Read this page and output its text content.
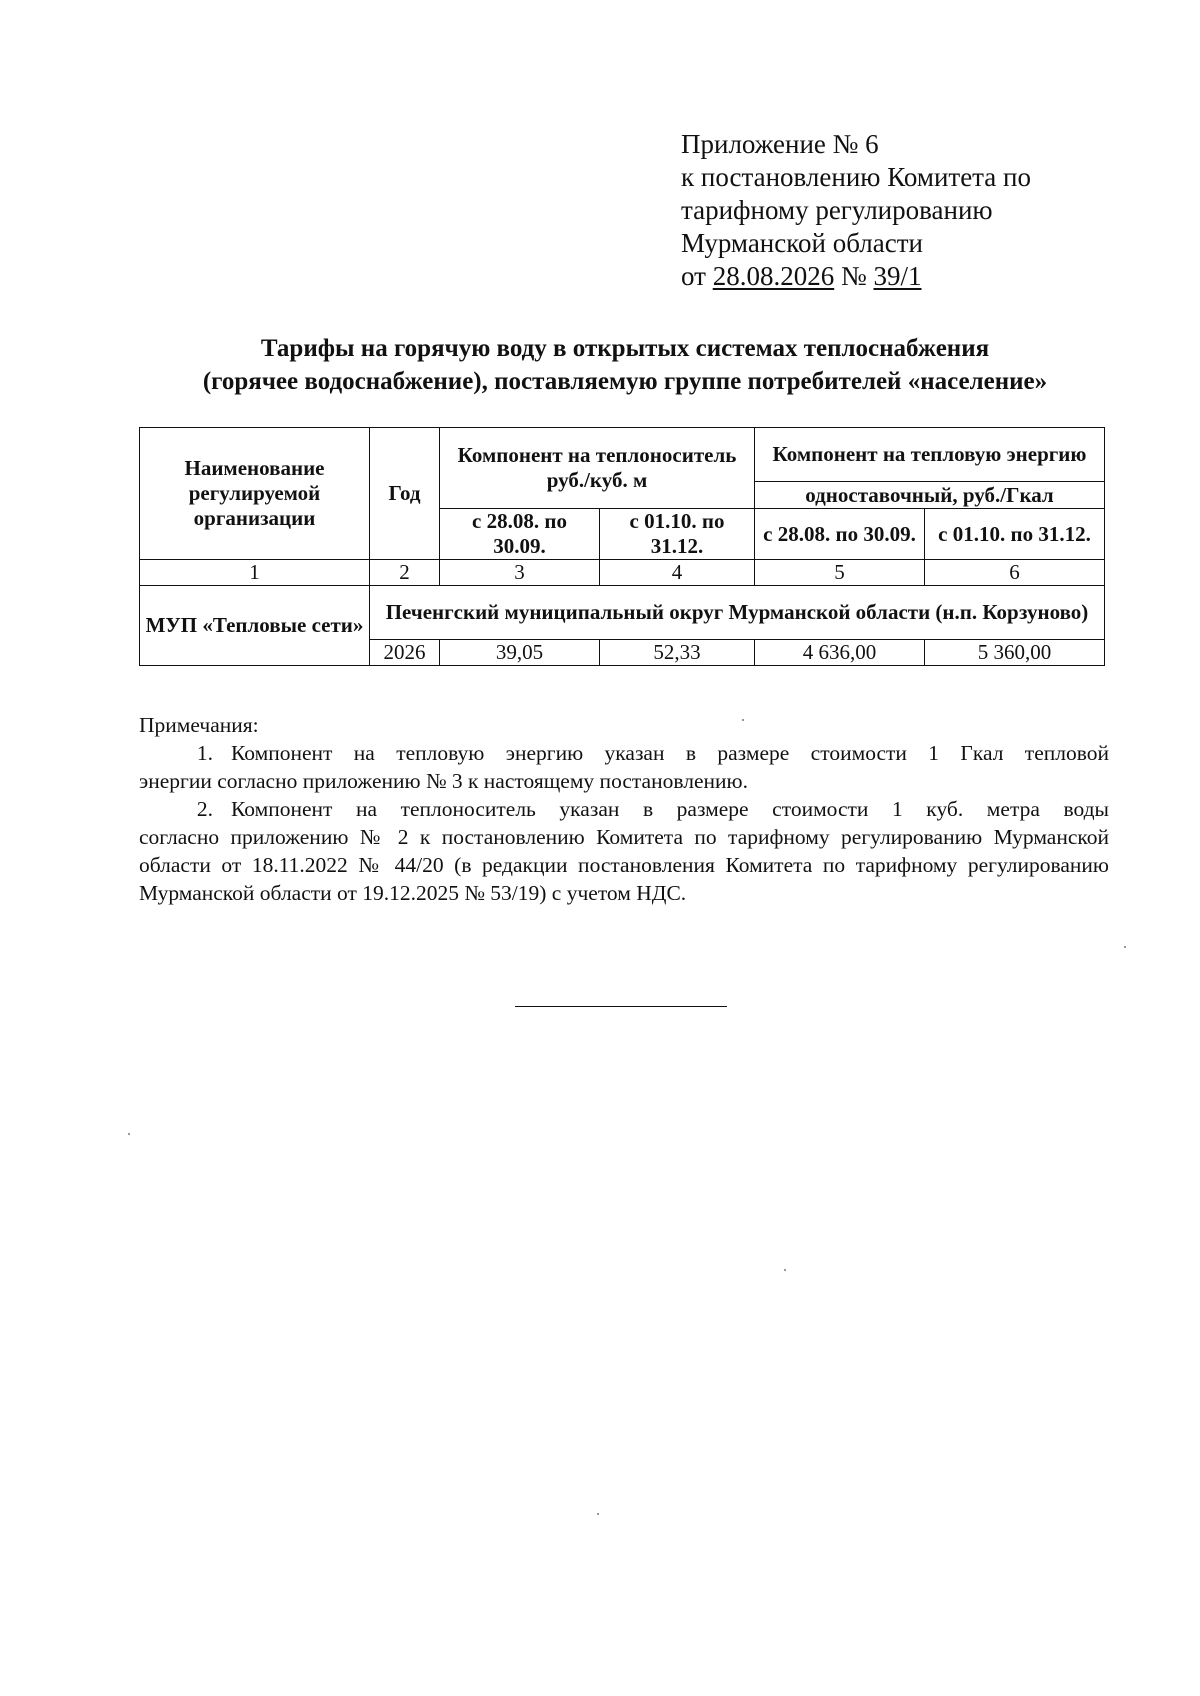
Приложение № 6
к постановлению Комитета по
тарифному регулированию
Мурманской области
от 28.08.2026 № 39/1
Тарифы на горячую воду в открытых системах теплоснабжения
(горячее водоснабжение), поставляемую группе потребителей «население»
Наименование регулируемой организации	Год	Компонент на теплоноситель руб./куб. м		Компонент на тепловую энергию	
				одноставочный, руб./Гкал	
		с 28.08. по 30.09.	с 01.10. по 31.12.	с 28.08. по 30.09.	с 01.10. по 31.12.
1	2	3	4	5	6
МУП «Тепловые сети»	Печенгский муниципальный округ Мурманской области (н.п. Корзуново)				
	2026	39,05	52,33	4 636,00	5 360,00

Примечания:

1. Компонент на тепловую энергию указан в размере стоимости 1 Гкал тепловой

энергии согласно приложению № 3 к настоящему постановлению.

2. Компонент на теплоноситель указан в размере стоимости 1 куб. метра воды

согласно приложению № 2 к постановлению Комитета по тарифному регулированию Мурманской области от 18.11.2022 № 44/20 (в редакции постановления Комитета по тарифному регулированию Мурманской области от 19.12.2025 № 53/19) с учетом НДС.
